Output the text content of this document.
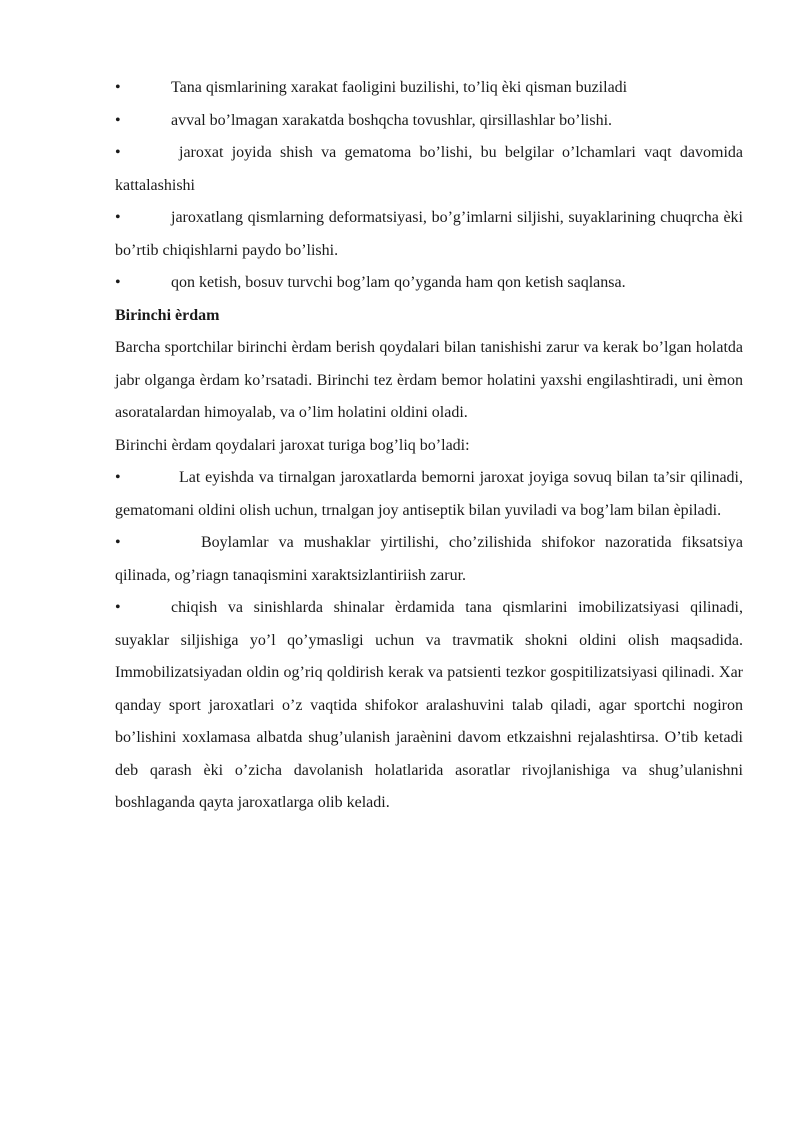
•	Tana qismlarining xarakat faoligini buzilishi, to’liq èki qisman buziladi

•	avval bo’lmagan xarakatda boshqcha tovushlar, qirsillashlar bo’lishi.

•	jaroxat joyida shish va gematoma bo’lishi, bu belgilar o’lchamlari vaqt davomida kattalashishi

•	jaroxatlang qismlarning deformatsiyasi, bo’g’imlarni siljishi, suyaklarining chuqrcha èki bo’rtib chiqishlarni paydo bo’lishi.

•	qon ketish, bosuv turvchi bog’lam qo’yganda ham qon ketish saqlansa.

Birinchi èrdam

Barcha sportchilar birinchi èrdam berish qoydalari bilan tanishishi zarur va kerak bo’lgan holatda jabr olganga èrdam ko’rsatadi. Birinchi tez èrdam bemor holatini yaxshi engilashtiradi, uni èmon asoratalardan himoyalab, va o’lim holatini oldini oladi.

Birinchi èrdam qoydalari jaroxat turiga bog’liq bo’ladi:

•	Lat eyishda va tirnalgan jaroxatlarda bemorni jaroxat joyiga sovuq bilan ta’sir qilinadi, gematomani oldini olish uchun, trnalgan joy antiseptik bilan yuviladi va bog’lam bilan èpiladi.

•	Boylamlar va mushaklar yirtilishi, cho’zilishida shifokor nazoratida fiksatsiya qilinada, og’riagn tanaqismini xaraktsizlantiriish zarur.

•	chiqish va sinishlarda shinalar èrdamida tana qismlarini imobilizatsiyasi qilinadi, suyaklar siljishiga yo’l qo’ymasligi uchun va travmatik shokni oldini olish maqsadida. Immobilizatsiyadan oldin og’riq qoldirish kerak va patsienti tezkor gospitilizatsiyasi qilinadi. Xar qanday sport jaroxatlari o’z vaqtida shifokor aralashuvini talab qiladi, agar sportchi nogiron bo’lishini xoxlamasa albatda shug’ulanish jaraènini davom etkzaishni rejalashtirsa. O’tib ketadi deb qarash èki o’zicha davolanish holatlarida asoratlar rivojlanishiga va shug’ulanishni boshlaganda qayta jaroxatlarga olib keladi.
